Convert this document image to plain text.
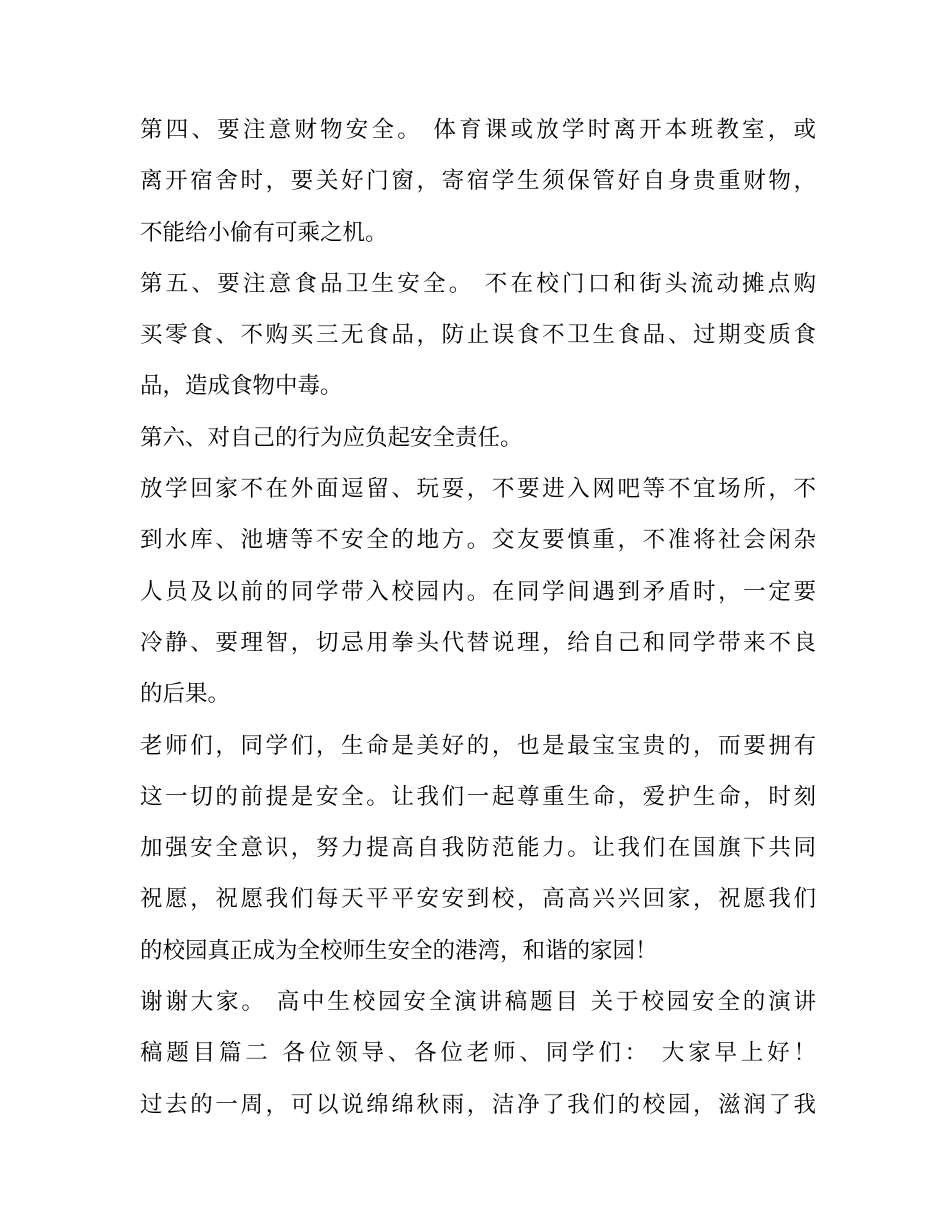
第四、要注意财物安全。 体育课或放学时离开本班教室，或
离开宿舍时，要关好门窗，寄宿学生须保管好自身贵重财物，
不能给小偷有可乘之机。
第五、要注意食品卫生安全。 不在校门口和街头流动摊点购
买零食、不购买三无食品，防止误食不卫生食品、过期变质食
品，造成食物中毒。
第六、对自己的行为应负起安全责任。
放学回家不在外面逗留、玩耍，不要进入网吧等不宜场所，不
到水库、池塘等不安全的地方。交友要慎重，不准将社会闲杂
人员及以前的同学带入校园内。在同学间遇到矛盾时，一定要
冷静、要理智，切忌用拳头代替说理，给自己和同学带来不良
的后果。
老师们，同学们，生命是美好的，也是最宝宝贵的，而要拥有
这一切的前提是安全。让我们一起尊重生命，爱护生命，时刻
加强安全意识，努力提高自我防范能力。让我们在国旗下共同
祝愿，祝愿我们每天平平安安到校，高高兴兴回家，祝愿我们
的校园真正成为全校师生安全的港湾，和谐的家园！
谢谢大家。 高中生校园安全演讲稿题目 关于校园安全的演讲
稿题目篇二 各位领导、各位老师、同学们： 大家早上好！
过去的一周，可以说绵绵秋雨，洁净了我们的校园，滋润了我
